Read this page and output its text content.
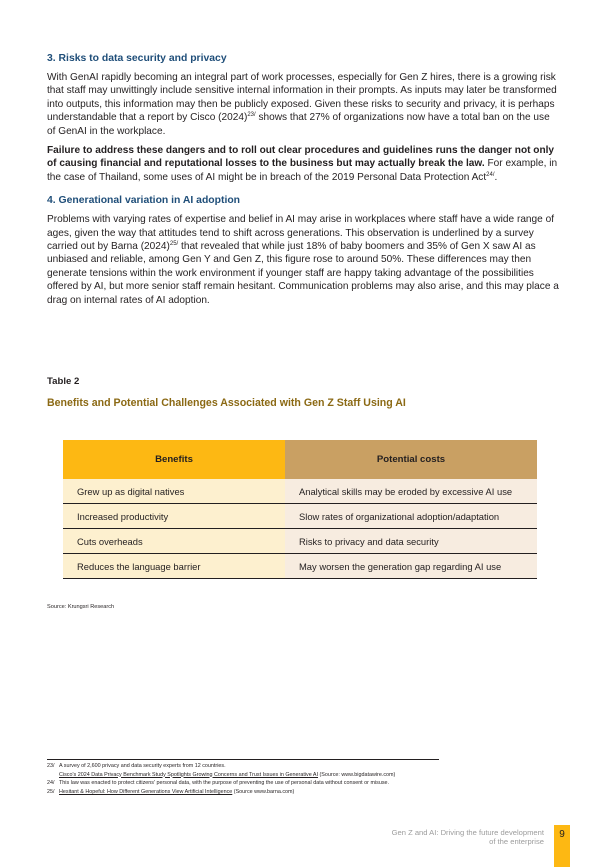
3. Risks to data security and privacy

With GenAI rapidly becoming an integral part of work processes, especially for Gen Z hires, there is a growing risk that staff may unwittingly include sensitive internal information in their prompts. As inputs may later be transformed into outputs, this information may then be publicly exposed. Given these risks to security and privacy, it is perhaps understandable that a report by Cisco $(2024)^{23/}$ shows that 27% of organizations now have a total ban on the use of GenAI in the workplace.

Failure to address these dangers and to roll out clear procedures and guidelines runs the danger not only of causing financial and reputational losses to the business but may actually break the law. For example, in the case of Thailand, some uses of AI might be in breach of the 2019 Personal Data Protection Act$^{24/}$.

4. Generational variation in AI adoption

Problems with varying rates of expertise and belief in AI may arise in workplaces where staff have a wide range of ages, given the way that attitudes tend to shift across generations. This observation is underlined by a survey carried out by Barna $(2024)^{25/}$ that revealed that while just 18% of baby boomers and 35% of Gen X saw AI as unbiased and reliable, among Gen Y and Gen Z, this figure rose to around 50%. These differences may then generate tensions within the work environment if younger staff are happy taking advantage of the possibilities offered by AI, but more senior staff remain hesitant. Communication problems may also arise, and this may place a drag on internal rates of AI adoption.

Table 2
Benefits and Potential Challenges Associated with Gen Z Staff Using AI
Benefits	Potential costs
Grew up as digital natives	Analytical skills may be eroded by excessive AI use
Increased productivity	Slow rates of organizational adoption/adaptation
Cuts overheads	Risks to privacy and data security
Reduces the language barrier	May worsen the generation gap regarding AI use
Source: Krungsri Research
23/ A survey of 2,600 privacy and data security experts from 12 countries.
Cisco's 2024 Data Privacy Benchmark Study Spotlights Growing Concerns and Trust Issues in Generative AI (Source: www.bigdatawire.com)
24/ This law was enacted to protect citizens' personal data, with the purpose of preventing the use of personal data without consent or misuse.
25/ Hesitant & Hopeful: How Different Generations View Artificial Intelligence (Source www.barna.com)
Gen Z and AI: Driving the future development
of the enterprise
9
